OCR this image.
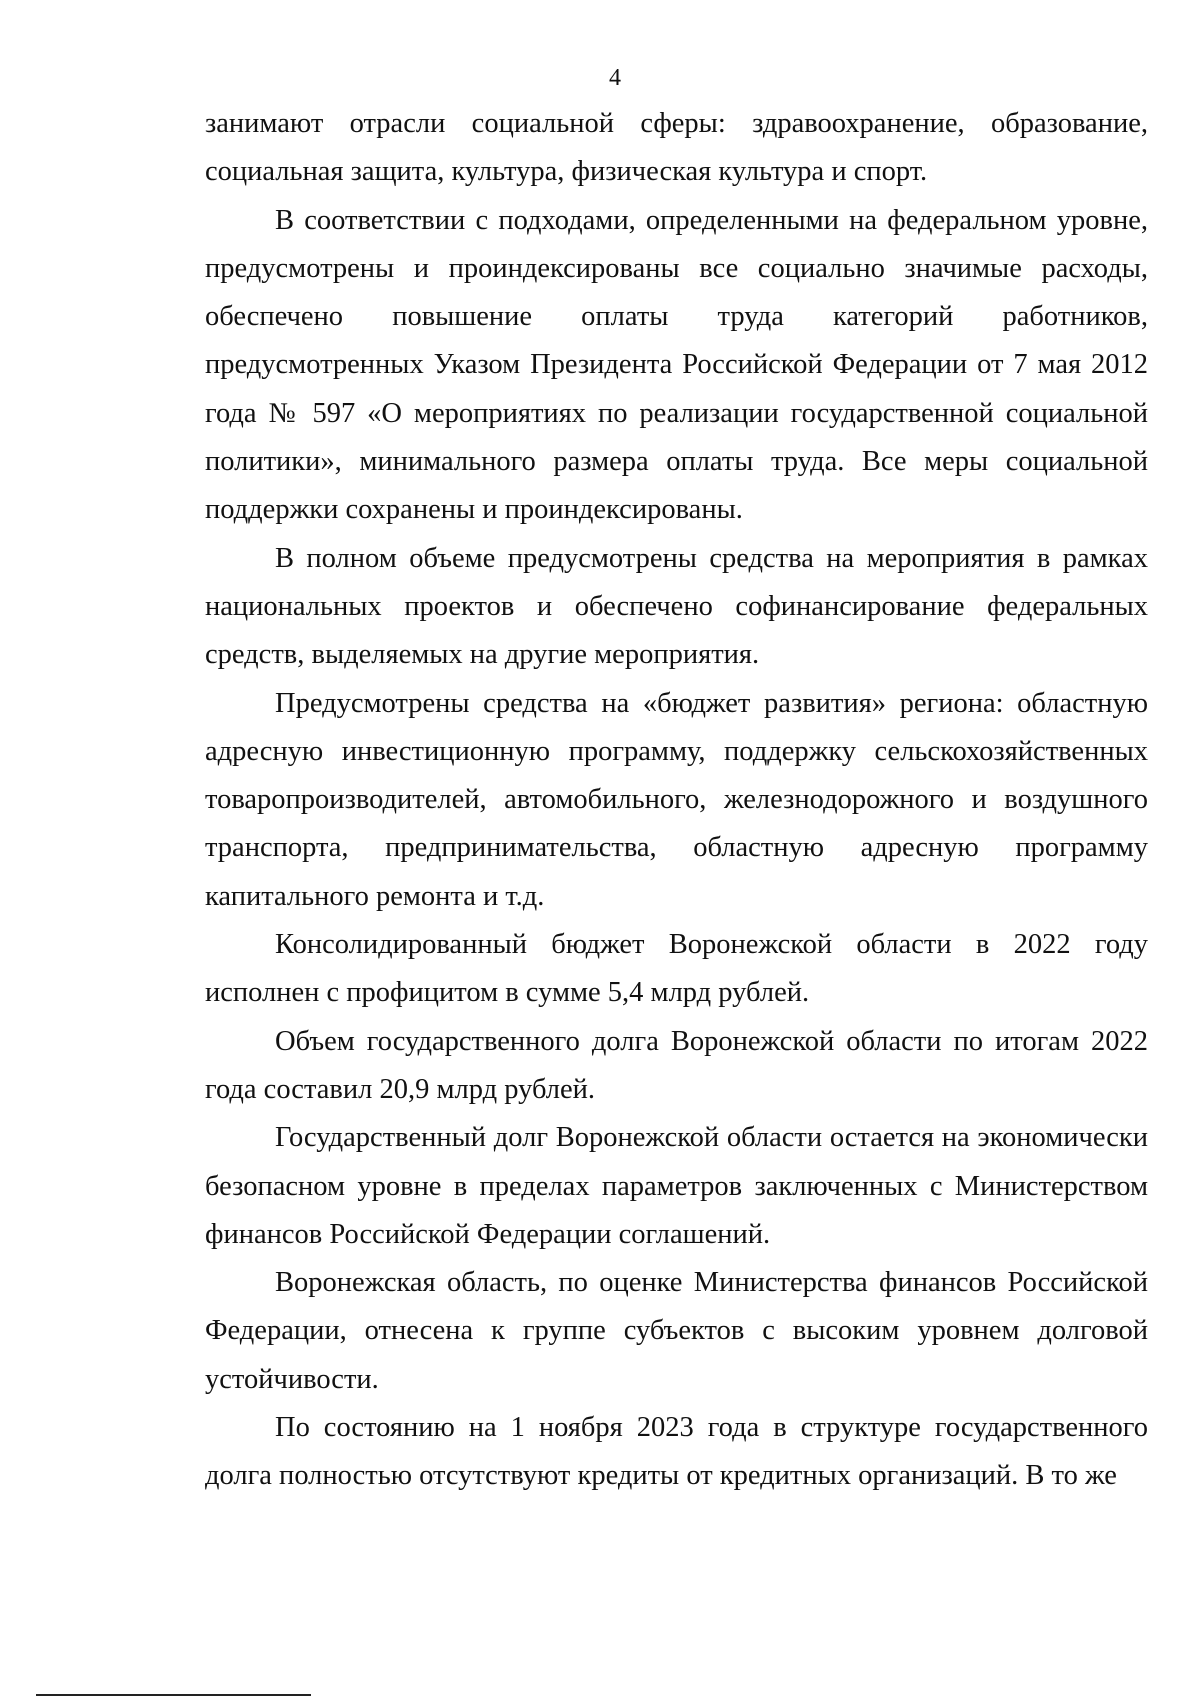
4

занимают отрасли социальной сферы: здравоохранение, образование, социальная защита, культура, физическая культура и спорт.

В соответствии с подходами, определенными на федеральном уровне, предусмотрены и проиндексированы все социально значимые расходы, обеспечено повышение оплаты труда категорий работников, предусмотренных Указом Президента Российской Федерации от 7 мая 2012 года № 597 «О мероприятиях по реализации государственной социальной политики», минимального размера оплаты труда. Все меры социальной поддержки сохранены и проиндексированы.

В полном объеме предусмотрены средства на мероприятия в рамках национальных проектов и обеспечено софинансирование федеральных средств, выделяемых на другие мероприятия.

Предусмотрены средства на «бюджет развития» региона: областную адресную инвестиционную программу, поддержку сельскохозяйственных товаропроизводителей, автомобильного, железнодорожного и воздушного транспорта, предпринимательства, областную адресную программу капитального ремонта и т.д.

Консолидированный бюджет Воронежской области в 2022 году исполнен с профицитом в сумме 5,4 млрд рублей.

Объем государственного долга Воронежской области по итогам 2022 года составил 20,9 млрд рублей.

Государственный долг Воронежской области остается на экономически безопасном уровне в пределах параметров заключенных с Министерством финансов Российской Федерации соглашений.

Воронежская область, по оценке Министерства финансов Российской Федерации, отнесена к группе субъектов с высоким уровнем долговой устойчивости.

По состоянию на 1 ноября 2023 года в структуре государственного долга полностью отсутствуют кредиты от кредитных организаций. В то же
